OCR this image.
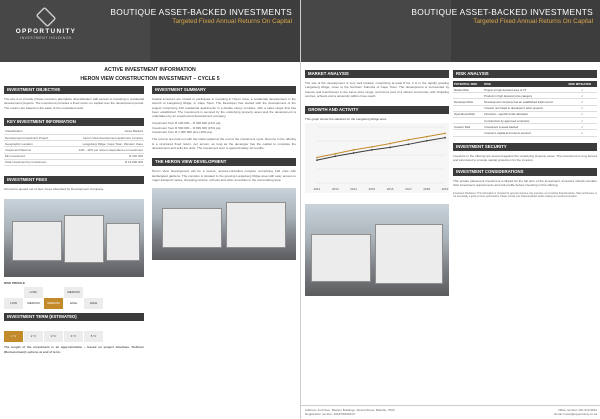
OPPORTUNITY
INVESTMENT HOLDINGS
BOUTIQUE ASSET-BACKED INVESTMENTS
Targeted Fixed Annual Returns On Capital
ACTIVE INVESTMENT INFORMATION
HERON VIEW CONSTRUCTION INVESTMENT – CYCLE 5
INVESTMENT OBJECTIVE
The aim is to provide private investors alternative diversification with access to investing in residential development projects. The investment provides a fixed return on capital over the development period. The returns are based on the sales of the completed units.
KEY INVESTMENT INFORMATION
Classification	Asset Backed
Development Investment Project	Heron View development apartment complex
Geographic Location	Langeberg Ridge, Cape Town, Western Cape
Investment Returns	14% - 16% per annum dependent on investment
Min investment	R 100 000
Total investment by Investment	R 19 000 000
INVESTMENT FEES
All returns quoted net of fees. Fees absorbed by Development Company.
RISK PROFILE
LOWLOW-MEDIUM	MEDIUMMEDIUM HIGH	HIGH
INVESTMENT TERM (ESTIMATED)
1 Yr	2 Yr	3 Yr	4 Yr	5 Yr
The length of the investment is an approximation – based on project timelines. Rollover (Reinvestment) options at end of term.
INVESTMENT SUMMARY
Capital investors are invited to participate in investing in Heron View, a residential development in the suburb of Langeberg Ridge, in Cape Town. The Developer has started with the development of the project comprising 126 residential apartments in a double storey complex, with a sales target that has been established. The investment is secured by the underlying property asset and the development is undertaken by an experienced development company.
Investment from R 100 000 – R 499 000 (14% pa)
Investment from R 500 000 – R 999 000 (15% pa)
Investment from R 1 000 000 plus (16% pa)
The returns are paid out with the initial capital at the end of the investment cycle. Returns in the offering is a structured fixed return, per annum, as long as the developer has the capital to complete the development and sells the units. The investment term is approximately 12 months.
THE HERON VIEW DEVELOPMENT
Heron View Development will be a secure, access-controlled complex comprising 126 units with landscaped gardens. The complex is situated in the growing Langeberg Ridge area with easy access to major transport routes, shopping centres, schools and other amenities in the surrounding area.
BOUTIQUE ASSET-BACKED INVESTMENTS
Targeted Fixed Annual Returns On Capital
MARKET ANALYSIS
The site of the development is very well located, comprising at least 8 ha. It is in the rapidly growing Langeberg Ridge, close to the Northern Suburbs of Cape Town. The development is surrounded by houses and townhouses in the same price range, and forms part of a vibrant community with shopping centres, schools and a university within close reach.
GROWTH AND ACTIVITY
This graph shows the statistics for the Langeberg Ridge area.
2012	2013	2014	2015	2016	2017	2018	2019
RISK ANALYSIS
POTENTIAL RISK	RISK	RISK MITIGATED
Market Risk	Project is high demand area of CT	✓
	Product in high demand price category	✓
Developer Risk	Development company has an established track record	✓
	Investor not linked to developer's other projects	✓
Operational Risk	Financial – specific funds allocation	✓
	Construction by approved contractor	✓
Investor Risk	Investment is asset-backed	✓
	Investor's capital and returns secured	✓
INVESTMENT SECURITY
Investors in the offering are secured against the underlying property asset. The investment is ring-fenced and structured to provide capital protection for the investor.
INVESTMENT CONSIDERATIONS
This private placement investment is illiquid for the full term of the investment. Investors should consider their investment requirements and risk profile before investing in this offering.
Investment Disclaimer: This information is provided for general purposes only and does not constitute financial advice. Past performance is not necessarily a guide to future performance. Please consult your financial advisor before making an investment decision.
Address: 2nd Floor, Bastion Buildings, Strand Street, Bellville, 7530
Registration number: 2016/504932/07
Office number: 021 919 9944
Email: invest@opportunity.co.za
